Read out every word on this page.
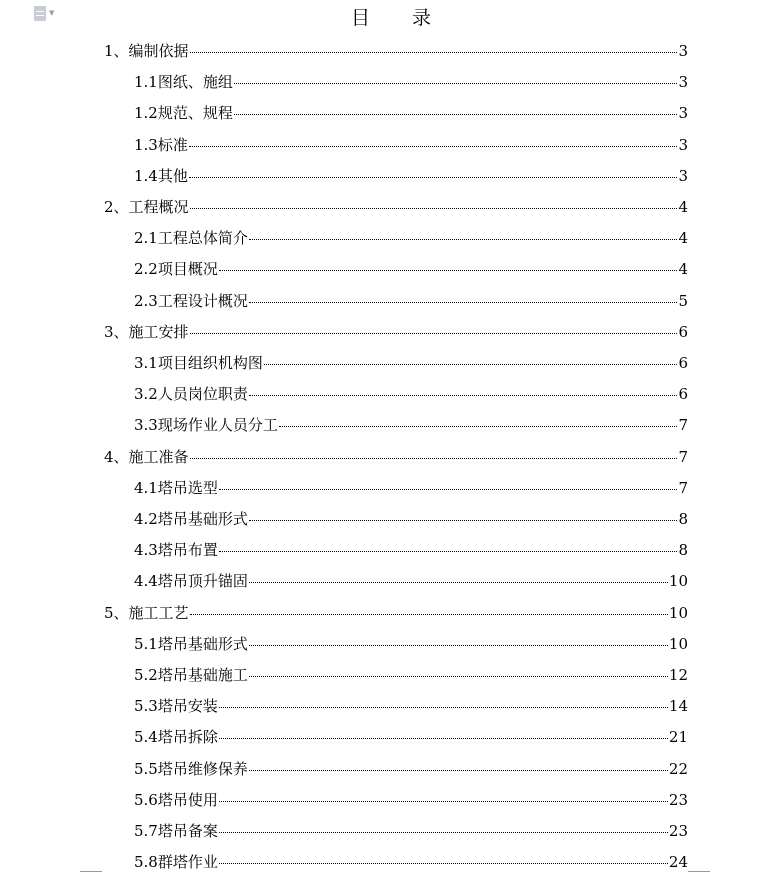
▼	目 录
1、编制依据	3
1.1图纸、施组	3
1.2规范、规程	3
1.3标准	3
1.4其他	3
2、工程概况	4
2.1工程总体简介	4
2.2项目概况	4
2.3工程设计概况	5
3、施工安排	6
3.1项目组织机构图	6
3.2人员岗位职责	6
3.3现场作业人员分工	7
4、施工准备	7
4.1塔吊选型	7
4.2塔吊基础形式	8
4.3塔吊布置	8
4.4塔吊顶升锚固	10
5、施工工艺	10
5.1塔吊基础形式	10
5.2塔吊基础施工	12
5.3塔吊安装	14
5.4塔吊拆除	21
5.5塔吊维修保养	22
5.6塔吊使用	23
5.7塔吊备案	23
5.8群塔作业	24
